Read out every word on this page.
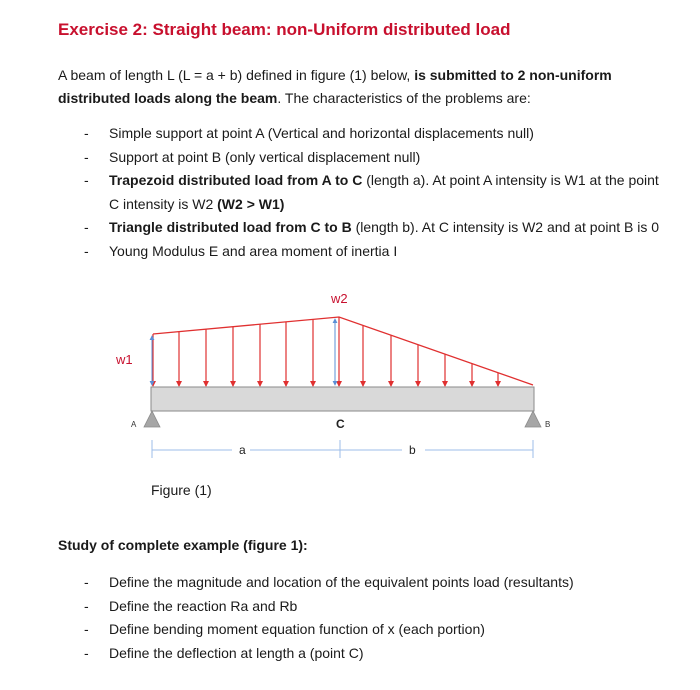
Exercise 2: Straight beam: non-Uniform distributed load
A beam of length L (L = a + b) defined in figure (1) below, is submitted to 2 non-uniform
distributed loads along the beam. The characteristics of the problems are:
- Simple support at point A (Vertical and horizontal displacements null)
- Support at point B (only vertical displacement null)
- Trapezoid distributed load from A to C (length a). At point A intensity is W1 at the point
C intensity is W2 (W2 > W1)
- Triangle distributed load from C to B (length b). At C intensity is W2 and at point B is 0
- Young Modulus E and area moment of inertia I
w1
w2
A	B
C
a	b
Figure (1)
Study of complete example (figure 1):
- Define the magnitude and location of the equivalent points load (resultants)
- Define the reaction Ra and Rb
- Define bending moment equation function of x (each portion)
- Define the deflection at length a (point C)
